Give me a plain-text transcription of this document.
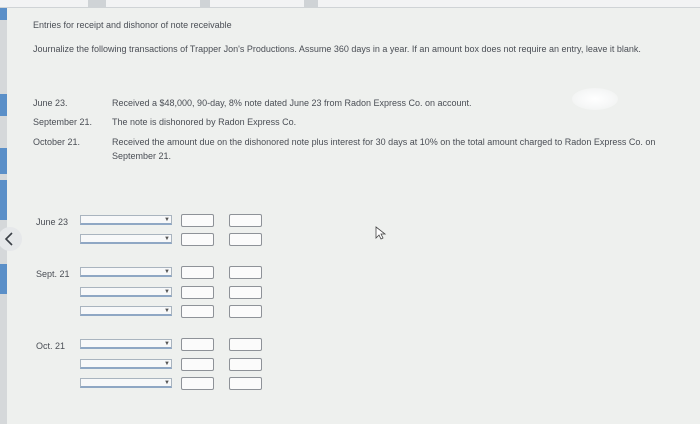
Entries for receipt and dishonor of note receivable
Journalize the following transactions of Trapper Jon's Productions. Assume 360 days in a year. If an amount box does not require an entry, leave it blank.
June 23.	Received a $48,000, 90-day, 8% note dated June 23 from Radon Express Co. on account.
September 21. The note is dishonored by Radon Express Co.
October 21.	Received the amount due on the dishonored note plus interest for 30 days at 10% on the total amount charged to Radon Express Co. on September 21.
June 23	▼
▼
Sept. 21	▼
▼
▼
Oct. 21	▼
▼
▼
